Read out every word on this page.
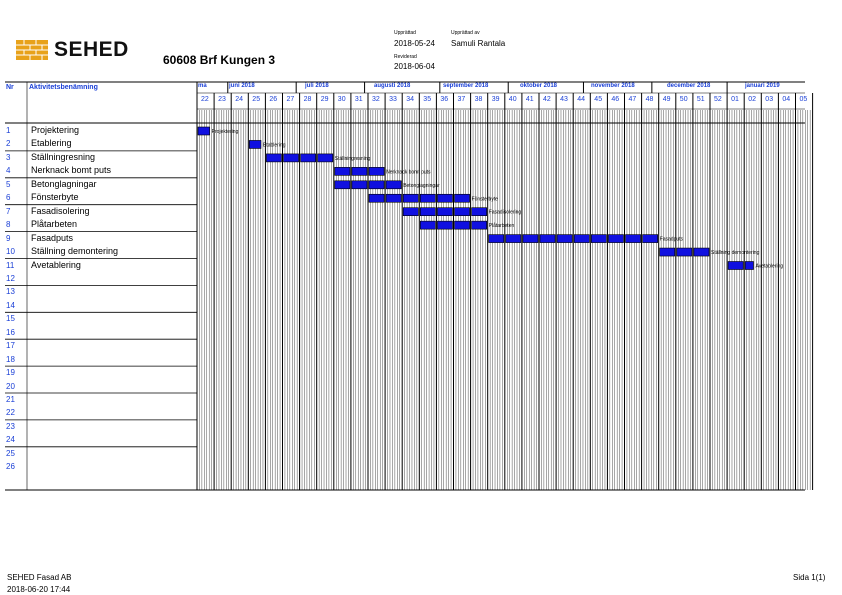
SEHED	60608 Brf Kungen 3
Upprättad
2018-05-24
Upprättad av
Samuli Rantala
Reviderad
2018-06-04
Nr Aktivitetsbenämning	ma	juni 2018	juli 2018	augusti 2018	september 2018	oktober 2018	november 2018	december 2018	januari 2019
Projektering
Etablering
Ställningresning
Nerknack bomt puts
Betonglagningar
Fönsterbyte
Fasadisolering
Plåtarbeten
Fasadputs
Ställning demontering
Avetablering
22 23 24 25 26 27 28 29 30 31 32 33 34 35 36 37 38 39 40 41 42 43 44 45 46 47 48 49 50 51 52 01 02 03 04 05
1 Projektering
2 Etablering
3 Ställningresning
4 Nerknack bomt puts
5 Betonglagningar
6 Fönsterbyte
7 Fasadisolering
8 Plåtarbeten
9 Fasadputs
10 Ställning demontering
11 Avetablering
12
13
14
15
16
17
18
19
20
21
22
23
24
25
26
SEHED Fasad AB
2018-06-20 17:44
Sida 1(1)
